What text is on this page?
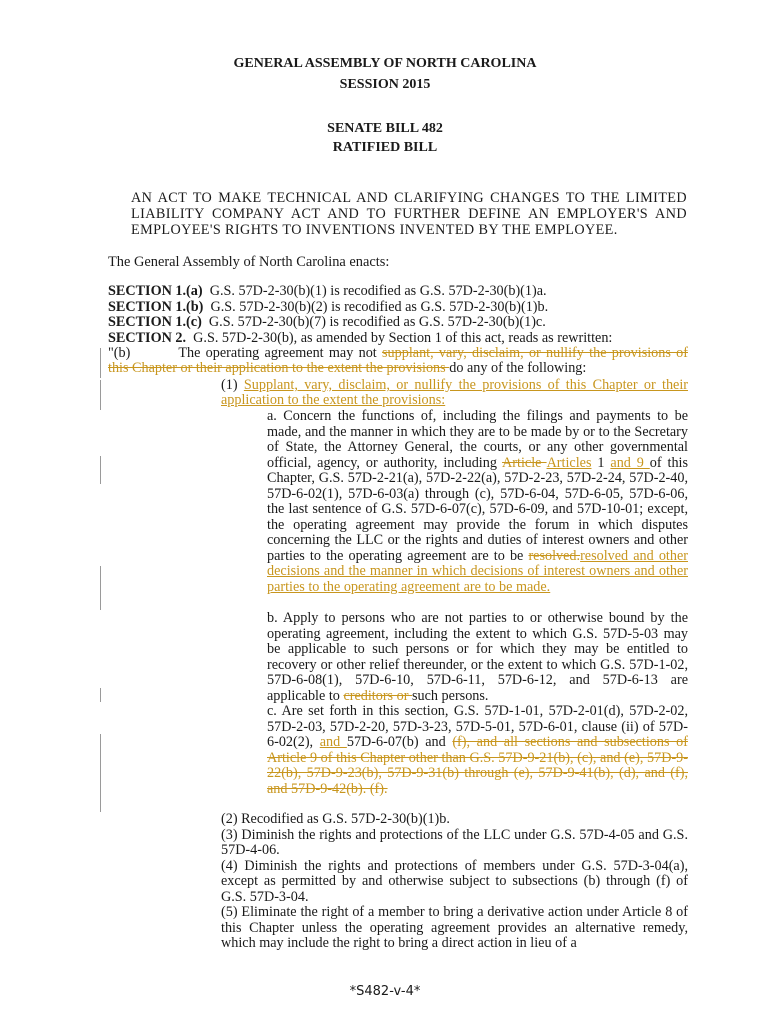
GENERAL ASSEMBLY OF NORTH CAROLINA
SESSION 2015
SENATE BILL 482
RATIFIED BILL
AN ACT TO MAKE TECHNICAL AND CLARIFYING CHANGES TO THE LIMITED LIABILITY COMPANY ACT AND TO FURTHER DEFINE AN EMPLOYER'S AND EMPLOYEE'S RIGHTS TO INVENTIONS INVENTED BY THE EMPLOYEE.
The General Assembly of North Carolina enacts:

SECTION 1.(a) G.S. 57D-2-30(b)(1) is recodified as G.S. 57D-2-30(b)(1)a.

SECTION 1.(b) G.S. 57D-2-30(b)(2) is recodified as G.S. 57D-2-30(b)(1)b.

SECTION 1.(c) G.S. 57D-2-30(b)(7) is recodified as G.S. 57D-2-30(b)(1)c.

SECTION 2. G.S. 57D-2-30(b), as amended by Section 1 of this act, reads as rewritten:

"(b)	The operating agreement may not supplant, vary, disclaim, or nullify the provisions of this Chapter or their application to the extent the provisions do any of the following:
(1) Supplant, vary, disclaim, or nullify the provisions of this Chapter or their application to the extent the provisions:
a. Concern the functions of, including the filings and payments to be made, and the manner in which they are to be made by or to the Secretary of State, the Attorney General, the courts, or any other governmental official, agency, or authority, including Article Articles 1 and 9 of this Chapter, G.S. 57D-2-21(a), 57D-2-22(a), 57D-2-23, 57D-2-24, 57D-2-40, 57D-6-02(1), 57D-6-03(a) through (c), 57D-6-04, 57D-6-05, 57D-6-06, the last sentence of G.S. 57D-6-07(c), 57D-6-09, and 57D-10-01; except, the operating agreement may provide the forum in which disputes concerning the LLC or the rights and duties of interest owners and other parties to the operating agreement are to be resolved.resolved and other decisions and the manner in which decisions of interest owners and other parties to the operating agreement are to be made.
b. Apply to persons who are not parties to or otherwise bound by the operating agreement, including the extent to which G.S. 57D-5-03 may be applicable to such persons or for which they may be entitled to recovery or other relief thereunder, or the extent to which G.S. 57D-1-02, 57D-6-08(1), 57D-6-10, 57D-6-11, 57D-6-12, and 57D-6-13 are applicable to creditors or such persons.
c. Are set forth in this section, G.S. 57D-1-01, 57D-2-01(d), 57D-2-02, 57D-2-03, 57D-2-20, 57D-3-23, 57D-5-01, 57D-6-01, clause (ii) of 57D-6-02(2), and 57D-6-07(b) and (f), and all sections and subsections of Article 9 of this Chapter other than G.S. 57D-9-21(b), (c), and (e), 57D-9-22(b), 57D-9-23(b), 57D-9-31(b) through (e), 57D-9-41(b), (d), and (f), and 57D-9-42(b). (f).

(2) Recodified as G.S. 57D-2-30(b)(1)b.

(3) Diminish the rights and protections of the LLC under G.S. 57D-4-05 and G.S. 57D-4-06.

(4) Diminish the rights and protections of members under G.S. 57D-3-04(a), except as permitted by and otherwise subject to subsections (b) through (f) of G.S. 57D-3-04.

(5) Eliminate the right of a member to bring a derivative action under Article 8 of this Chapter unless the operating agreement provides an alternative remedy, which may include the right to bring a direct action in lieu of a

*S482-v-4*
